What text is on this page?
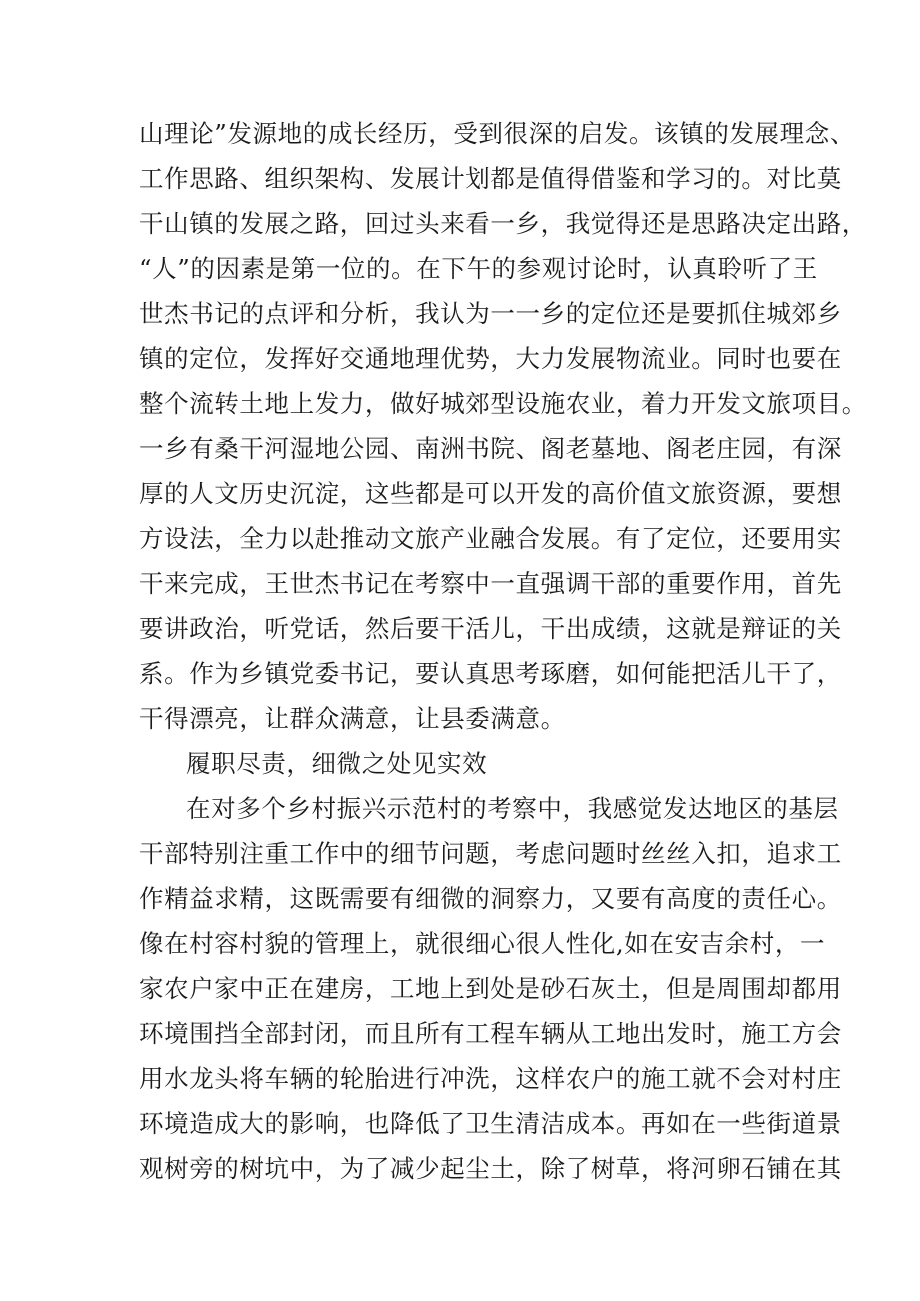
山理论”发源地的成长经历，受到很深的启发。该镇的发展理念、
工作思路、组织架构、发展计划都是值得借鉴和学习的。对比莫
干山镇的发展之路，回过头来看一乡，我觉得还是思路决定出路，
“人”的因素是第一位的。在下午的参观讨论时，认真聆听了王
世杰书记的点评和分析，我认为一一乡的定位还是要抓住城郊乡
镇的定位，发挥好交通地理优势，大力发展物流业。同时也要在
整个流转土地上发力，做好城郊型设施农业，着力开发文旅项目。
一乡有桑干河湿地公园、南洲书院、阁老墓地、阁老庄园，有深
厚的人文历史沉淀，这些都是可以开发的高价值文旅资源，要想
方设法，全力以赴推动文旅产业融合发展。有了定位，还要用实
干来完成，王世杰书记在考察中一直强调干部的重要作用，首先
要讲政治，听党话，然后要干活儿，干出成绩，这就是辩证的关
系。作为乡镇党委书记，要认真思考琢磨，如何能把活儿干了，
干得漂亮，让群众满意，让县委满意。
履职尽责，细微之处见实效
在对多个乡村振兴示范村的考察中，我感觉发达地区的基层
干部特别注重工作中的细节问题，考虑问题时丝丝入扣，追求工
作精益求精，这既需要有细微的洞察力，又要有高度的责任心。
像在村容村貌的管理上，就很细心很人性化,如在安吉余村，一
家农户家中正在建房，工地上到处是砂石灰土，但是周围却都用
环境围挡全部封闭，而且所有工程车辆从工地出发时，施工方会
用水龙头将车辆的轮胎进行冲洗，这样农户的施工就不会对村庄
环境造成大的影响，也降低了卫生清洁成本。再如在一些街道景
观树旁的树坑中，为了减少起尘土，除了树草，将河卵石铺在其
